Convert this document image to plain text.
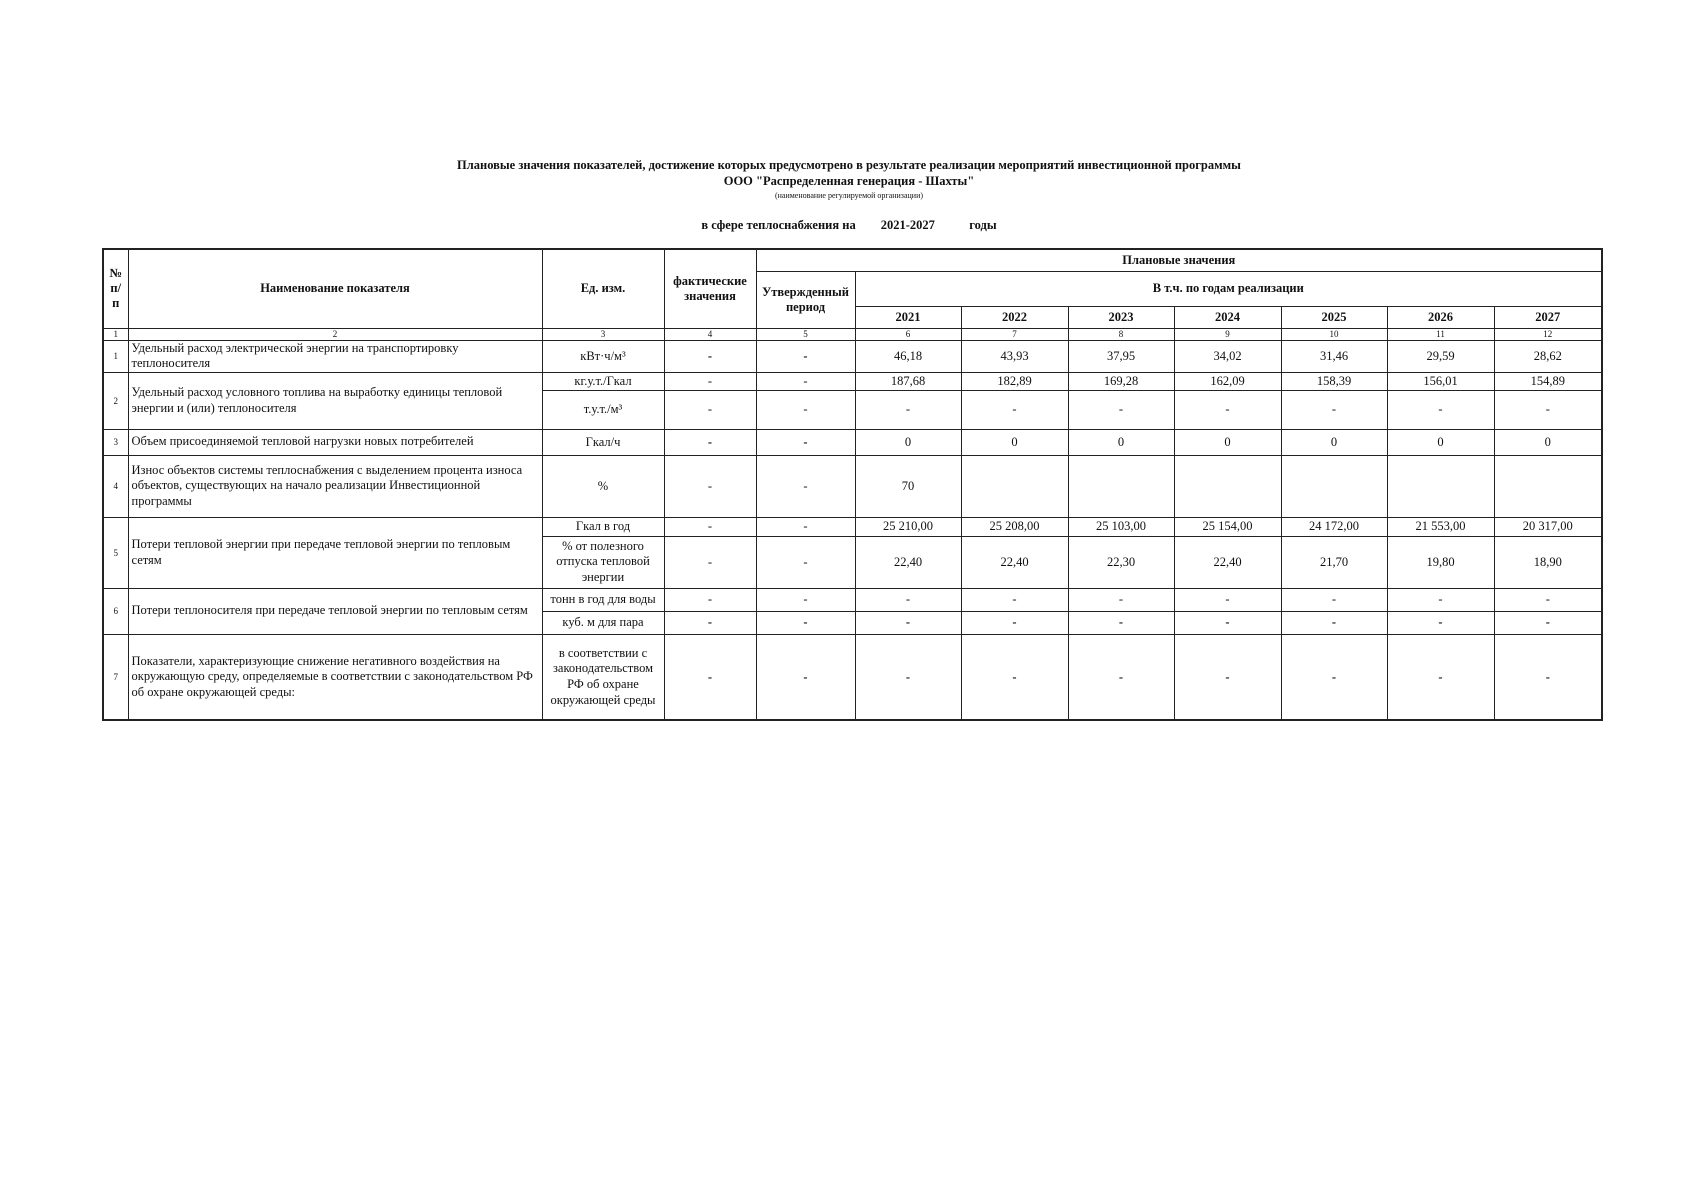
Плановые значения показателей, достижение которых предусмотрено в результате реализации мероприятий инвестиционной программы
ООО "Распределенная генерация - Шахты"
(наименование регулируемой организации)
в сфере теплоснабжения на 2021-2027	годы
№ п/п	Наименование показателя	Ед. изм.	фактические значения	Плановые значения							
				Утвержденный период	В т.ч. по годам реализации						
					2021	2022	2023	2024	2025	2026	2027
1	2	3	4	5	6	7	8	9	10	11	12
1	Удельный расход электрической энергии на транспортировку теплоносителя	кВт·ч/м³	-	-	46,18	43,93	37,95	34,02	31,46	29,59	28,62
2	Удельный расход условного топлива на выработку единицы тепловой энергии и (или) теплоносителя	кг.у.т./Гкал	-	-	187,68	182,89	169,28	162,09	158,39	156,01	154,89
		т.у.т./м³	-	-	-	-	-	-	-	-	-
3	Объем присоединяемой тепловой нагрузки новых потребителей	Гкал/ч	-	-	0	0	0	0	0	0	0
4	Износ объектов системы теплоснабжения с выделением процента износа объектов, существующих на начало реализации Инвестиционной программы	%	-	-	70						
5	Потери тепловой энергии при передаче тепловой энергии по тепловым сетям	Гкал в год	-	-	25 210,00	25 208,00	25 103,00	25 154,00	24 172,00	21 553,00	20 317,00
		% от полезного отпуска тепловой энергии	-	-	22,40	22,40	22,30	22,40	21,70	19,80	18,90
6	Потери теплоносителя при передаче тепловой энергии по тепловым сетям	тонн в год для воды	-	-	-	-	-	-	-	-	-
		куб. м для пара	-	-	-	-	-	-	-	-	-
7	Показатели, характеризующие снижение негативного воздействия на окружающую среду, определяемые в соответствии с законодательством РФ об охране окружающей среды:	в соответствии с законодательством РФ об охране окружающей среды	-	-	-	-	-	-	-	-	-
